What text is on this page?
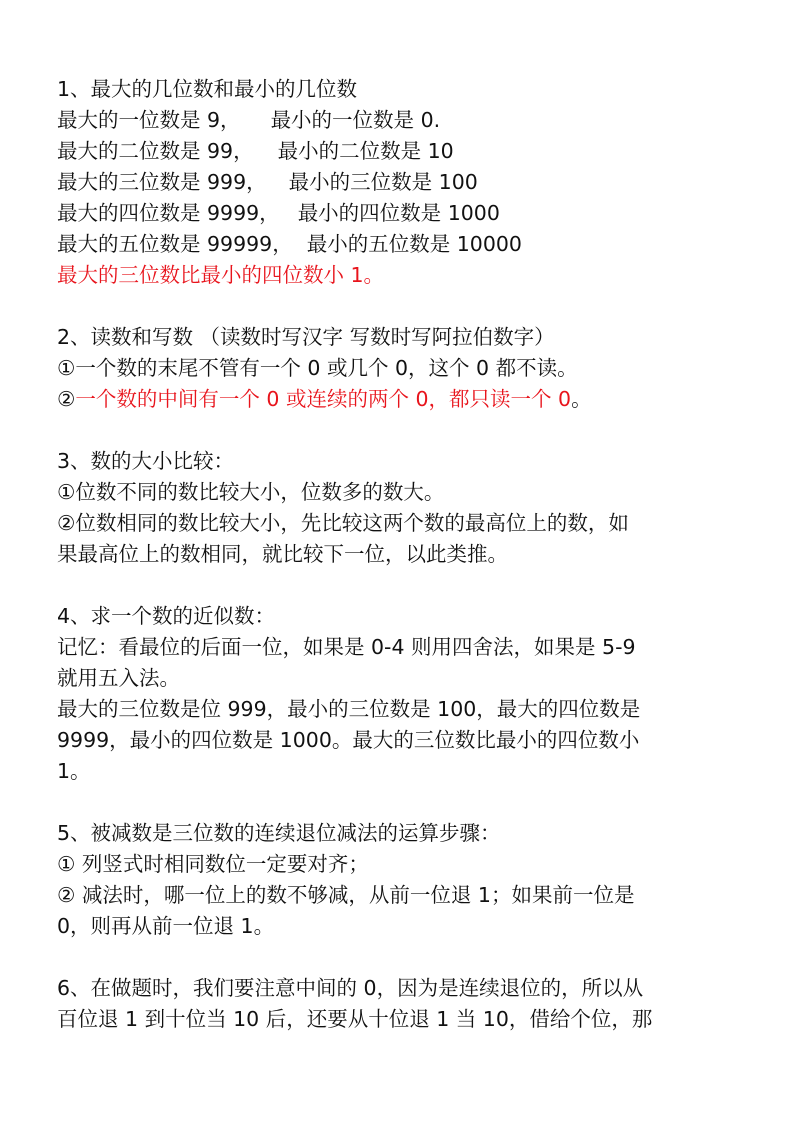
1、最大的几位数和最小的几位数
最大的一位数是 9， 最小的一位数是 0.
最大的二位数是 99， 最小的二位数是 10
最大的三位数是 999， 最小的三位数是 100
最大的四位数是 9999， 最小的四位数是 1000
最大的五位数是 99999， 最小的五位数是 10000
最大的三位数比最小的四位数小 1。
2、读数和写数 （读数时写汉字 写数时写阿拉伯数字）
①一个数的末尾不管有一个 0 或几个 0，这个 0 都不读。
②一个数的中间有一个 0 或连续的两个 0，都只读一个 0。
3、数的大小比较：
①位数不同的数比较大小，位数多的数大。
②位数相同的数比较大小，先比较这两个数的最高位上的数，如
果最高位上的数相同，就比较下一位，以此类推。
4、求一个数的近似数：
记忆：看最位的后面一位，如果是 0-4 则用四舍法，如果是 5-9
就用五入法。
最大的三位数是位 999，最小的三位数是 100，最大的四位数是
9999，最小的四位数是 1000。最大的三位数比最小的四位数小
1。
5、被减数是三位数的连续退位减法的运算步骤：
① 列竖式时相同数位一定要对齐；
② 减法时，哪一位上的数不够减，从前一位退 1；如果前一位是
0，则再从前一位退 1。
6、在做题时，我们要注意中间的 0，因为是连续退位的，所以从
百位退 1 到十位当 10 后，还要从十位退 1 当 10，借给个位，那
